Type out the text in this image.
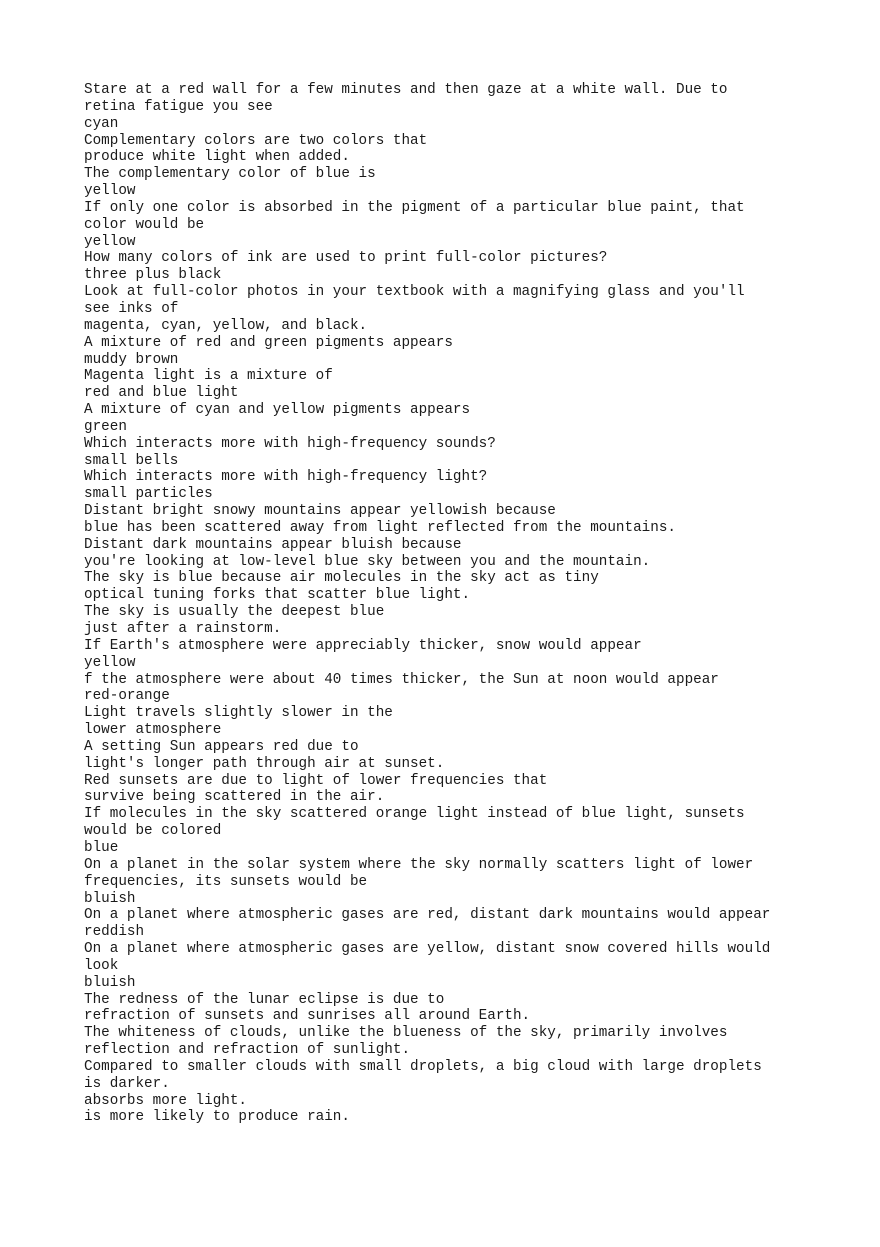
Stare at a red wall for a few minutes and then gaze at a white wall. Due to
retina fatigue you see
cyan
Complementary colors are two colors that
produce white light when added.
The complementary color of blue is
yellow
If only one color is absorbed in the pigment of a particular blue paint, that
color would be
yellow
How many colors of ink are used to print full-color pictures?
three plus black
Look at full-color photos in your textbook with a magnifying glass and you'll
see inks of
magenta, cyan, yellow, and black.
A mixture of red and green pigments appears
muddy brown
Magenta light is a mixture of
red and blue light
A mixture of cyan and yellow pigments appears
green
Which interacts more with high-frequency sounds?
small bells
Which interacts more with high-frequency light?
small particles
Distant bright snowy mountains appear yellowish because
blue has been scattered away from light reflected from the mountains.
Distant dark mountains appear bluish because
you're looking at low-level blue sky between you and the mountain.
The sky is blue because air molecules in the sky act as tiny
optical tuning forks that scatter blue light.
The sky is usually the deepest blue
just after a rainstorm.
If Earth's atmosphere were appreciably thicker, snow would appear
yellow
f the atmosphere were about 40 times thicker, the Sun at noon would appear
red-orange
Light travels slightly slower in the
lower atmosphere
A setting Sun appears red due to
light's longer path through air at sunset.
Red sunsets are due to light of lower frequencies that
survive being scattered in the air.
If molecules in the sky scattered orange light instead of blue light, sunsets
would be colored
blue
On a planet in the solar system where the sky normally scatters light of lower
frequencies, its sunsets would be
bluish
On a planet where atmospheric gases are red, distant dark mountains would appear
reddish
On a planet where atmospheric gases are yellow, distant snow covered hills would
look
bluish
The redness of the lunar eclipse is due to
refraction of sunsets and sunrises all around Earth.
The whiteness of clouds, unlike the blueness of the sky, primarily involves
reflection and refraction of sunlight.
Compared to smaller clouds with small droplets, a big cloud with large droplets
is darker.
absorbs more light.
is more likely to produce rain.
